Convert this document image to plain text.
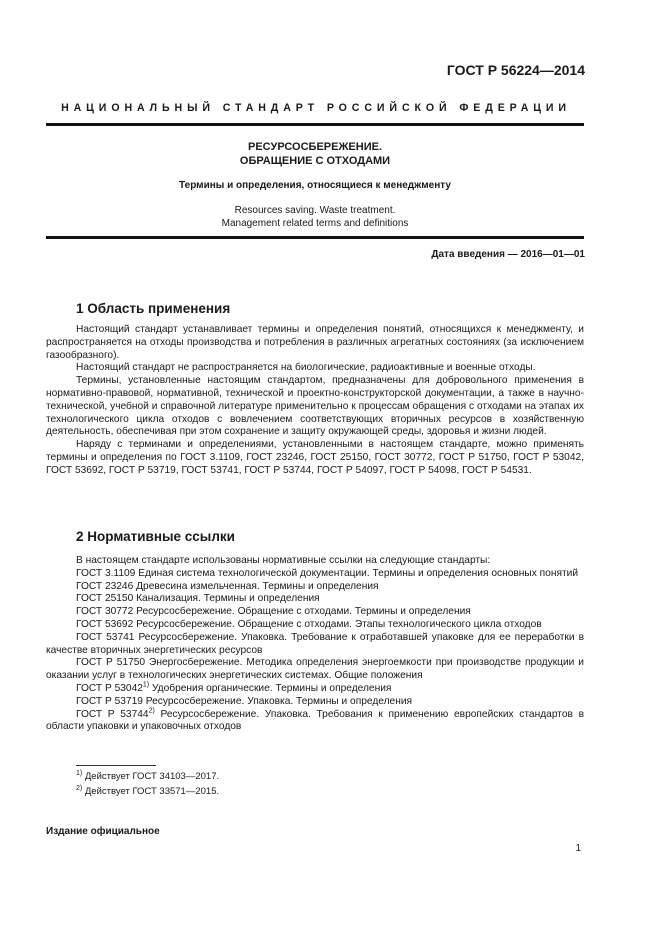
ГОСТ Р 56224—2014
НАЦИОНАЛЬНЫЙ СТАНДАРТ РОССИЙСКОЙ ФЕДЕРАЦИИ
РЕСУРСОСБЕРЕЖЕНИЕ.
ОБРАЩЕНИЕ С ОТХОДАМИ
Термины и определения, относящиеся к менеджменту
Resources saving. Waste treatment.
Management related terms and definitions
Дата введения — 2016—01—01
1 Область применения

Настоящий стандарт устанавливает термины и определения понятий, относящихся к менеджменту, и распространяется на отходы производства и потребления в различных агрегатных состояниях (за исключением газообразного).

Настоящий стандарт не распространяется на биологические, радиоактивные и военные отходы.

Термины, установленные настоящим стандартом, предназначены для добровольного применения в нормативно-правовой, нормативной, технической и проектно-конструкторской документации, а также в научно-технической, учебной и справочной литературе применительно к процессам обращения с отходами на этапах их технологического цикла отходов с вовлечением соответствующих вторичных ресурсов в хозяйственную деятельность, обеспечивая при этом сохранение и защиту окружающей среды, здоровья и жизни людей.

Наряду с терминами и определениями, установленными в настоящем стандарте, можно применять термины и определения по ГОСТ 3.1109, ГОСТ 23246, ГОСТ 25150, ГОСТ 30772, ГОСТ Р 51750, ГОСТ Р 53042, ГОСТ 53692, ГОСТ Р 53719, ГОСТ 53741, ГОСТ Р 53744, ГОСТ Р 54097, ГОСТ Р 54098, ГОСТ Р 54531.

2 Нормативные ссылки

В настоящем стандарте использованы нормативные ссылки на следующие стандарты:

ГОСТ 3.1109 Единая система технологической документации. Термины и определения основных понятий

ГОСТ 23246 Древесина измельченная. Термины и определения

ГОСТ 25150 Канализация. Термины и определения

ГОСТ 30772 Ресурсосбережение. Обращение с отходами. Термины и определения

ГОСТ 53692 Ресурсосбережение. Обращение с отходами. Этапы технологического цикла отходов

ГОСТ 53741 Ресурсосбережение. Упаковка. Требование к отработавшей упаковке для ее переработки в качестве вторичных энергетических ресурсов

ГОСТ Р 51750 Энергосбережение. Методика определения энергоемкости при производстве продукции и оказании услуг в технологических энергетических системах. Общие положения

ГОСТ Р 53042$^{1)}$ Удобрения органические. Термины и определения

ГОСТ Р 53719 Ресурсосбережение. Упаковка. Термины и определения

ГОСТ Р 53744$^{2)}$ Ресурсосбережение. Упаковка. Требования к применению европейских стандартов в области упаковки и упаковочных отходов

$^{1)}$ Действует ГОСТ 34103—2017.
$^{2)}$ Действует ГОСТ 33571—2015.
Издание официальное
1
